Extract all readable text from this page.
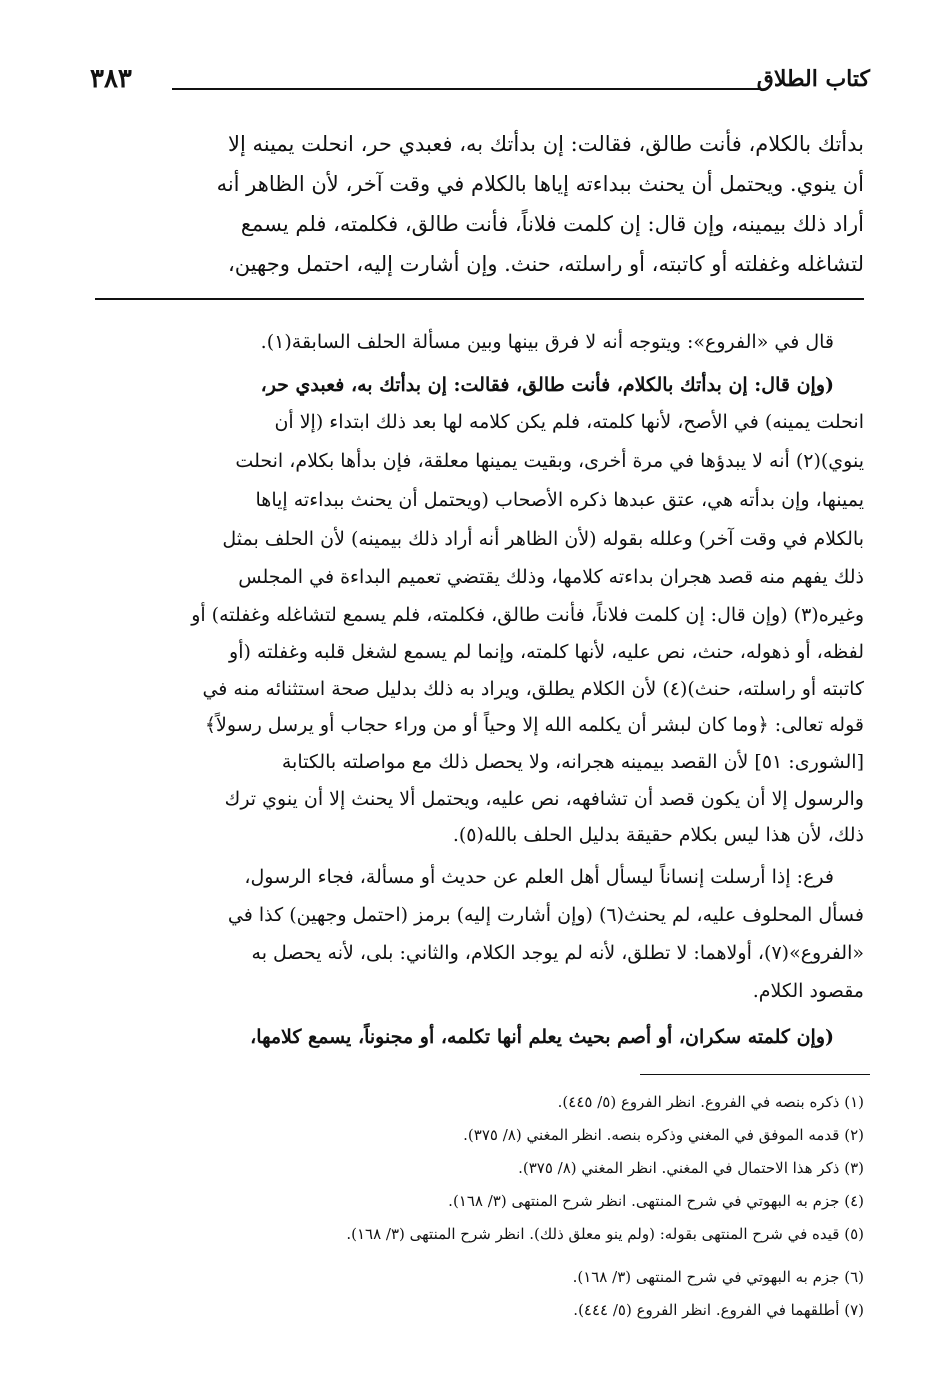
كتاب الطلاق
٣٨٣
بدأتك بالكلام، فأنت طالق، فقالت: إن بدأتك به، فعبدي حر، انحلت يمينه إلا
أن ينوي. ويحتمل أن يحنث ببداءته إياها بالكلام في وقت آخر، لأن الظاهر أنه
أراد ذلك بيمينه، وإن قال: إن كلمت فلاناً، فأنت طالق، فكلمته، فلم يسمع
لتشاغله وغفلته أو كاتبته، أو راسلته، حنث. وإن أشارت إليه، احتمل وجهين،
قال في «الفروع»: ويتوجه أنه لا فرق بينها وبين مسألة الحلف السابقة(١).
(وإن قال: إن بدأتك بالكلام، فأنت طالق، فقالت: إن بدأتك به، فعبدي حر،
انحلت يمينه) في الأصح، لأنها كلمته، فلم يكن كلامه لها بعد ذلك ابتداء (إلا أن
ينوي)(٢) أنه لا يبدؤها في مرة أخرى، وبقيت يمينها معلقة، فإن بدأها بكلام، انحلت
يمينها، وإن بدأته هي، عتق عبدها ذكره الأصحاب (ويحتمل أن يحنث ببداءته إياها
بالكلام في وقت آخر) وعلله بقوله (لأن الظاهر أنه أراد ذلك بيمينه) لأن الحلف بمثل
ذلك يفهم منه قصد هجران بداءته كلامها، وذلك يقتضي تعميم البداءة في المجلس
وغيره(٣) (وإن قال: إن كلمت فلاناً، فأنت طالق، فكلمته، فلم يسمع لتشاغله وغفلته) أو
لفظه، أو ذهوله، حنث، نص عليه، لأنها كلمته، وإنما لم يسمع لشغل قلبه وغفلته (أو
كاتبته أو راسلته، حنث)(٤) لأن الكلام يطلق، ويراد به ذلك بدليل صحة استثنائه منه في
قوله تعالى: ﴿وما كان لبشر أن يكلمه الله إلا وحياً أو من وراء حجاب أو يرسل رسولاً﴾
[الشورى: ٥١] لأن القصد بيمينه هجرانه، ولا يحصل ذلك مع مواصلته بالكتابة
والرسول إلا أن يكون قصد أن تشافهه، نص عليه، ويحتمل ألا يحنث إلا أن ينوي ترك
ذلك، لأن هذا ليس بكلام حقيقة بدليل الحلف بالله(٥).
فرع: إذا أرسلت إنساناً ليسأل أهل العلم عن حديث أو مسألة، فجاء الرسول،
فسأل المحلوف عليه، لم يحنث(٦) (وإن أشارت إليه) برمز (احتمل وجهين) كذا في
«الفروع»(٧)، أولاهما: لا تطلق، لأنه لم يوجد الكلام، والثاني: بلى، لأنه يحصل به
مقصود الكلام.
(وإن كلمته سكران، أو أصم بحيث يعلم أنها تكلمه، أو مجنوناً، يسمع كلامها،
(١) ذكره بنصه في الفروع. انظر الفروع (٥/ ٤٤٥).
(٢) قدمه الموفق في المغني وذكره بنصه. انظر المغني (٨/ ٣٧٥).
(٣) ذكر هذا الاحتمال في المغني. انظر المغني (٨/ ٣٧٥).
(٤) جزم به البهوتي في شرح المنتهى. انظر شرح المنتهى (٣/ ١٦٨).
(٥) قيده في شرح المنتهى بقوله: (ولم ينو معلق ذلك). انظر شرح المنتهى (٣/ ١٦٨).
(٦) جزم به البهوتي في شرح المنتهى (٣/ ١٦٨).
(٧) أطلقهما في الفروع. انظر الفروع (٥/ ٤٤٤).
